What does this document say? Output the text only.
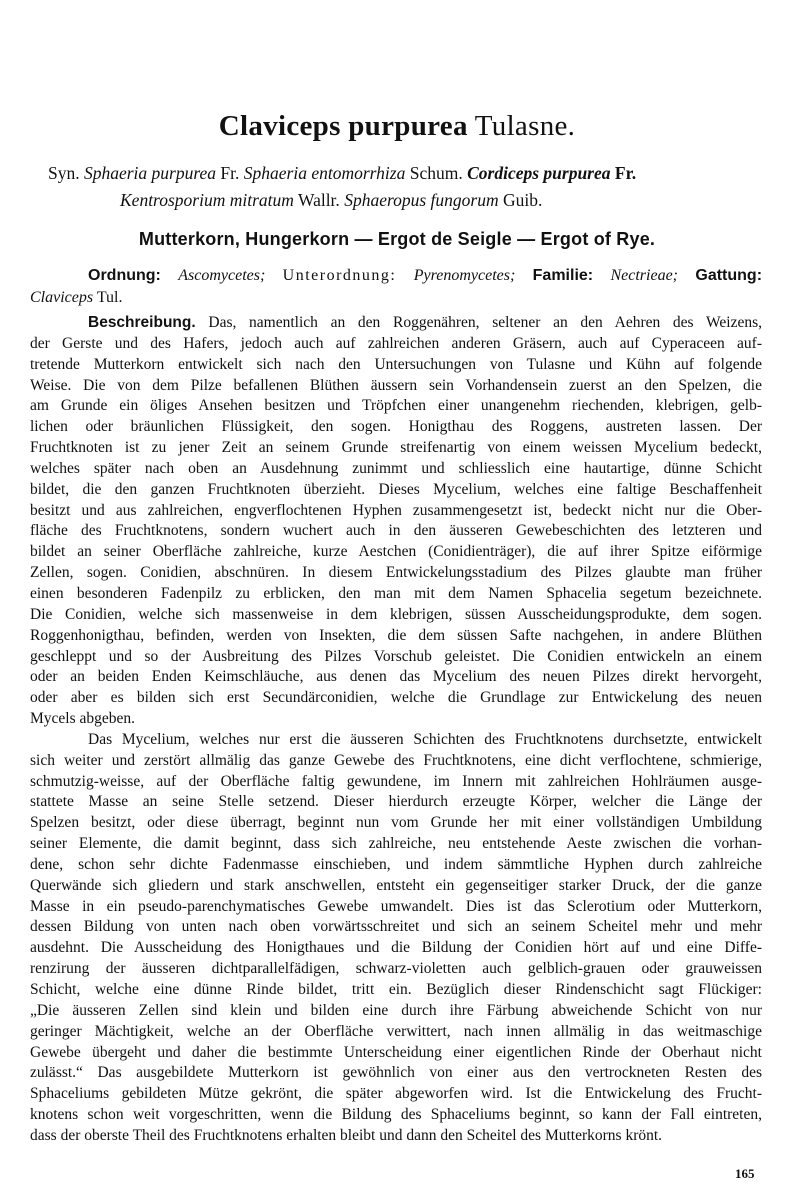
Claviceps purpurea Tulasne.
Syn. Sphaeria purpurea Fr. Sphaeria entomorrhiza Schum. Cordiceps purpurea Fr.
Kentrosporium mitratum Wallr. Sphaeropus fungorum Guib.
Mutterkorn, Hungerkorn — Ergot de Seigle — Ergot of Rye.
Ordnung: Ascomycetes; Unterordnung: Pyrenomycetes; Familie: Nectrieae; Gattung:
Claviceps Tul.
Beschreibung. Das, namentlich an den Roggenähren, seltener an den Aehren des Weizens,
der Gerste und des Hafers, jedoch auch auf zahlreichen anderen Gräsern, auch auf Cyperaceen auf-
tretende Mutterkorn entwickelt sich nach den Untersuchungen von Tulasne und Kühn auf folgende
Weise. Die von dem Pilze befallenen Blüthen äussern sein Vorhandensein zuerst an den Spelzen, die
am Grunde ein öliges Ansehen besitzen und Tröpfchen einer unangenehm riechenden, klebrigen, gelb-
lichen oder bräunlichen Flüssigkeit, den sogen. Honigthau des Roggens, austreten lassen. Der
Fruchtknoten ist zu jener Zeit an seinem Grunde streifenartig von einem weissen Mycelium bedeckt,
welches später nach oben an Ausdehnung zunimmt und schliesslich eine hautartige, dünne Schicht
bildet, die den ganzen Fruchtknoten überzieht. Dieses Mycelium, welches eine faltige Beschaffenheit
besitzt und aus zahlreichen, engverflochtenen Hyphen zusammengesetzt ist, bedeckt nicht nur die Ober-
fläche des Fruchtknotens, sondern wuchert auch in den äusseren Gewebeschichten des letzteren und
bildet an seiner Oberfläche zahlreiche, kurze Aestchen (Conidienträger), die auf ihrer Spitze eiförmige
Zellen, sogen. Conidien, abschnüren. In diesem Entwickelungsstadium des Pilzes glaubte man früher
einen besonderen Fadenpilz zu erblicken, den man mit dem Namen Sphacelia segetum bezeichnete.
Die Conidien, welche sich massenweise in dem klebrigen, süssen Ausscheidungsprodukte, dem sogen.
Roggenhonigthau, befinden, werden von Insekten, die dem süssen Safte nachgehen, in andere Blüthen
geschleppt und so der Ausbreitung des Pilzes Vorschub geleistet. Die Conidien entwickeln an einem
oder an beiden Enden Keimschläuche, aus denen das Mycelium des neuen Pilzes direkt hervorgeht,
oder aber es bilden sich erst Secundärconidien, welche die Grundlage zur Entwickelung des neuen
Mycels abgeben.
Das Mycelium, welches nur erst die äusseren Schichten des Fruchtknotens durchsetzte, entwickelt
sich weiter und zerstört allmälig das ganze Gewebe des Fruchtknotens, eine dicht verflochtene, schmierige,
schmutzig-weisse, auf der Oberfläche faltig gewundene, im Innern mit zahlreichen Hohlräumen ausge-
stattete Masse an seine Stelle setzend. Dieser hierdurch erzeugte Körper, welcher die Länge der
Spelzen besitzt, oder diese überragt, beginnt nun vom Grunde her mit einer vollständigen Umbildung
seiner Elemente, die damit beginnt, dass sich zahlreiche, neu entstehende Aeste zwischen die vorhan-
dene, schon sehr dichte Fadenmasse einschieben, und indem sämmtliche Hyphen durch zahlreiche
Querwände sich gliedern und stark anschwellen, entsteht ein gegenseitiger starker Druck, der die ganze
Masse in ein pseudo-parenchymatisches Gewebe umwandelt. Dies ist das Sclerotium oder Mutterkorn,
dessen Bildung von unten nach oben vorwärtsschreitet und sich an seinem Scheitel mehr und mehr
ausdehnt. Die Ausscheidung des Honigthaues und die Bildung der Conidien hört auf und eine Diffe-
renzirung der äusseren dichtparallelfädigen, schwarz-violetten auch gelblich-grauen oder grauweissen
Schicht, welche eine dünne Rinde bildet, tritt ein. Bezüglich dieser Rindenschicht sagt Flückiger:
„Die äusseren Zellen sind klein und bilden eine durch ihre Färbung abweichende Schicht von nur
geringer Mächtigkeit, welche an der Oberfläche verwittert, nach innen allmälig in das weitmaschige
Gewebe übergeht und daher die bestimmte Unterscheidung einer eigentlichen Rinde der Oberhaut nicht
zulässt.“ Das ausgebildete Mutterkorn ist gewöhnlich von einer aus den vertrockneten Resten des
Sphaceliums gebildeten Mütze gekrönt, die später abgeworfen wird. Ist die Entwickelung des Frucht-
knotens schon weit vorgeschritten, wenn die Bildung des Sphaceliums beginnt, so kann der Fall eintreten,
dass der oberste Theil des Fruchtknotens erhalten bleibt und dann den Scheitel des Mutterkorns krönt.
165
